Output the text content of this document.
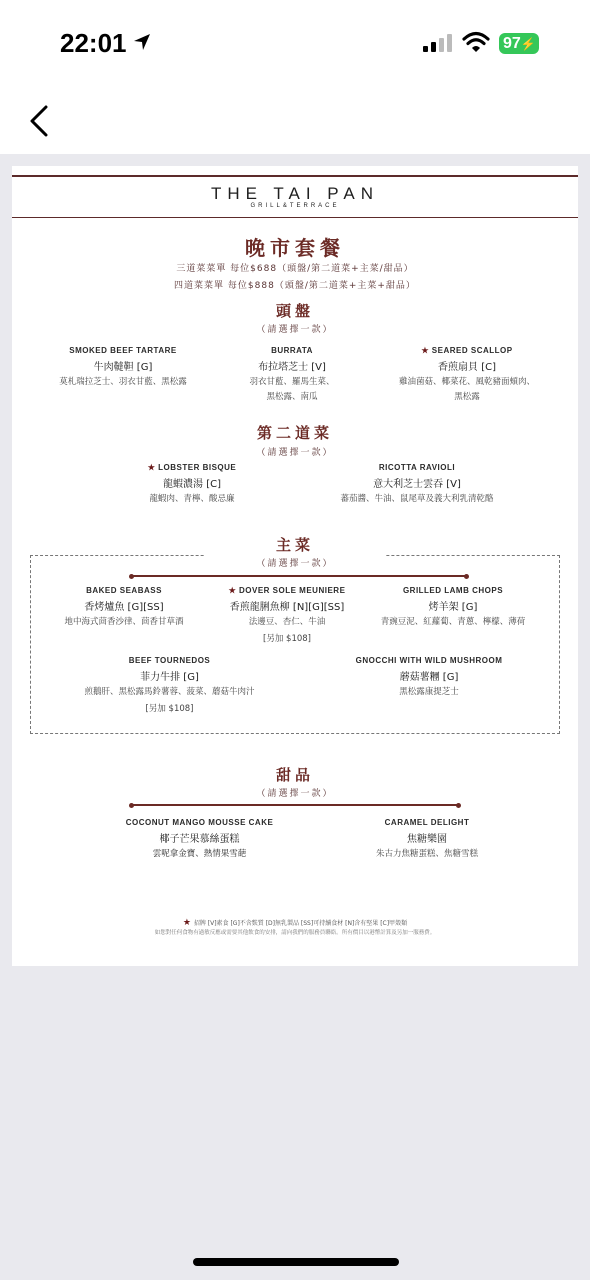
22:01	97⚡
THE TAI PAN
GRILL&TERRACE
晚市套餐
三道菜菜單 每位$688（頭盤/第二道菜+主菜/甜品）
四道菜菜單 每位$888（頭盤/第二道菜+主菜+甜品）
頭盤
（請選擇一款）
SMOKED BEEF TARTARE
牛肉韃靼 [G]
莫札瑞拉芝士、羽衣甘藍、黑松露
BURRATA
布拉塔芝士 [V]
羽衣甘藍、羅馬生菜、
黑松露、南瓜
★ SEARED SCALLOP
香煎扇貝 [C]
雞油菌菇、椰菜花、風乾豬面頰肉、
黑松露
第二道菜
（請選擇一款）
★ LOBSTER BISQUE
龍蝦濃湯 [C]
龍蝦肉、青檸、酸忌廉
RICOTTA RAVIOLI
意大利芝士雲吞 [V]
蕃茄醬、牛油、鼠尾草及義大利乳清乾酪
主菜
（請選擇一款）
BAKED SEABASS
香烤爐魚 [G][SS]
地中海式茴香沙律、茴香甘草酒
★ DOVER SOLE MEUNIERE
香煎龍脷魚柳 [N][G][SS]
法邊豆、杏仁、牛油
[另加 $108]
GRILLED LAMB CHOPS
烤羊架 [G]
青豌豆泥、紅蘿蔔、青蔥、檸檬、薄荷
BEEF TOURNEDOS
菲力牛排 [G]
煎鵝肝、黑松露馬鈴薯蓉、菠菜、蘑菇牛肉汁
[另加 $108]
GNOCCHI WITH WILD MUSHROOM
蘑菇薯糰 [G]
黑松露康提芝士
甜品
（請選擇一款）
COCONUT MANGO MOUSSE CAKE
椰子芒果慕絲蛋糕
雲呢拿金寶、熱情果雪葩
CARAMEL DELIGHT
焦糖樂園
朱古力焦糖蛋糕、焦糖雪糕
★ 招牌 [V]素食 [G]不含麩質 [D]無乳製品 [SS]可持續食材 [N]含有堅果 [C]甲殼類
如您對任何食物有過敏反應或需要其他飲食的安排，請向我們的服務員聯絡。所有價目以港幣計算及另加一服務費。
